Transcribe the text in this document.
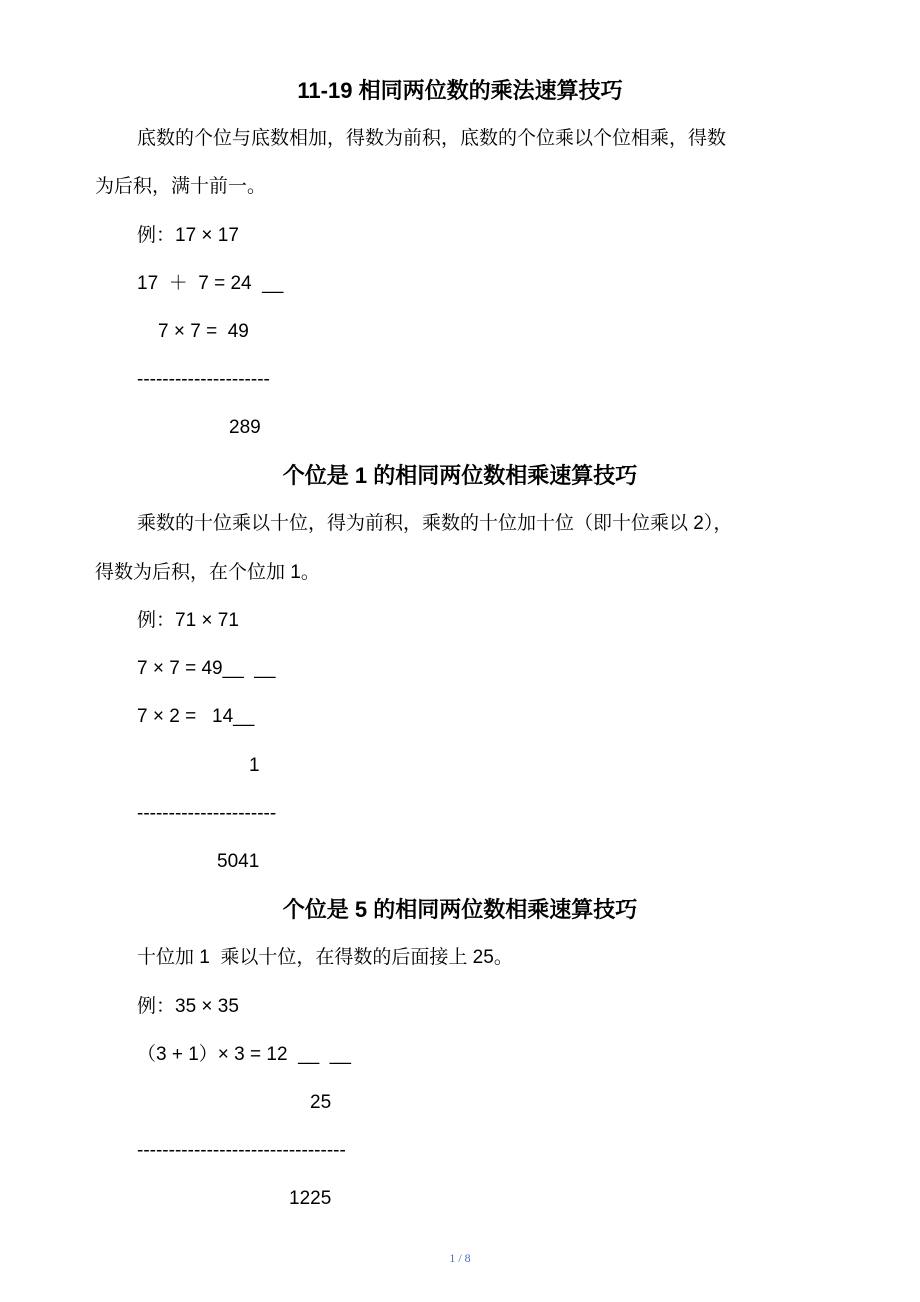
11-19 相同两位数的乘法速算技巧
底数的个位与底数相加，得数为前积，底数的个位乘以个位相乘，得数
为后积，满十前一。
例：17 × 17
17  ＋  7 = 24  __
7 × 7 =  49
---------------------
289
个位是 1 的相同两位数相乘速算技巧
乘数的十位乘以十位，得为前积，乘数的十位加十位（即十位乘以 2），
得数为后积，在个位加 1。
例：71 × 71
7 × 7 = 49__  __
7 × 2 =   14__
1
----------------------
5041
个位是 5 的相同两位数相乘速算技巧
十位加 1  乘以十位，在得数的后面接上 25。
例：35 × 35
（3 + 1）× 3 = 12  __  __
25
---------------------------------
1225
1 / 8
